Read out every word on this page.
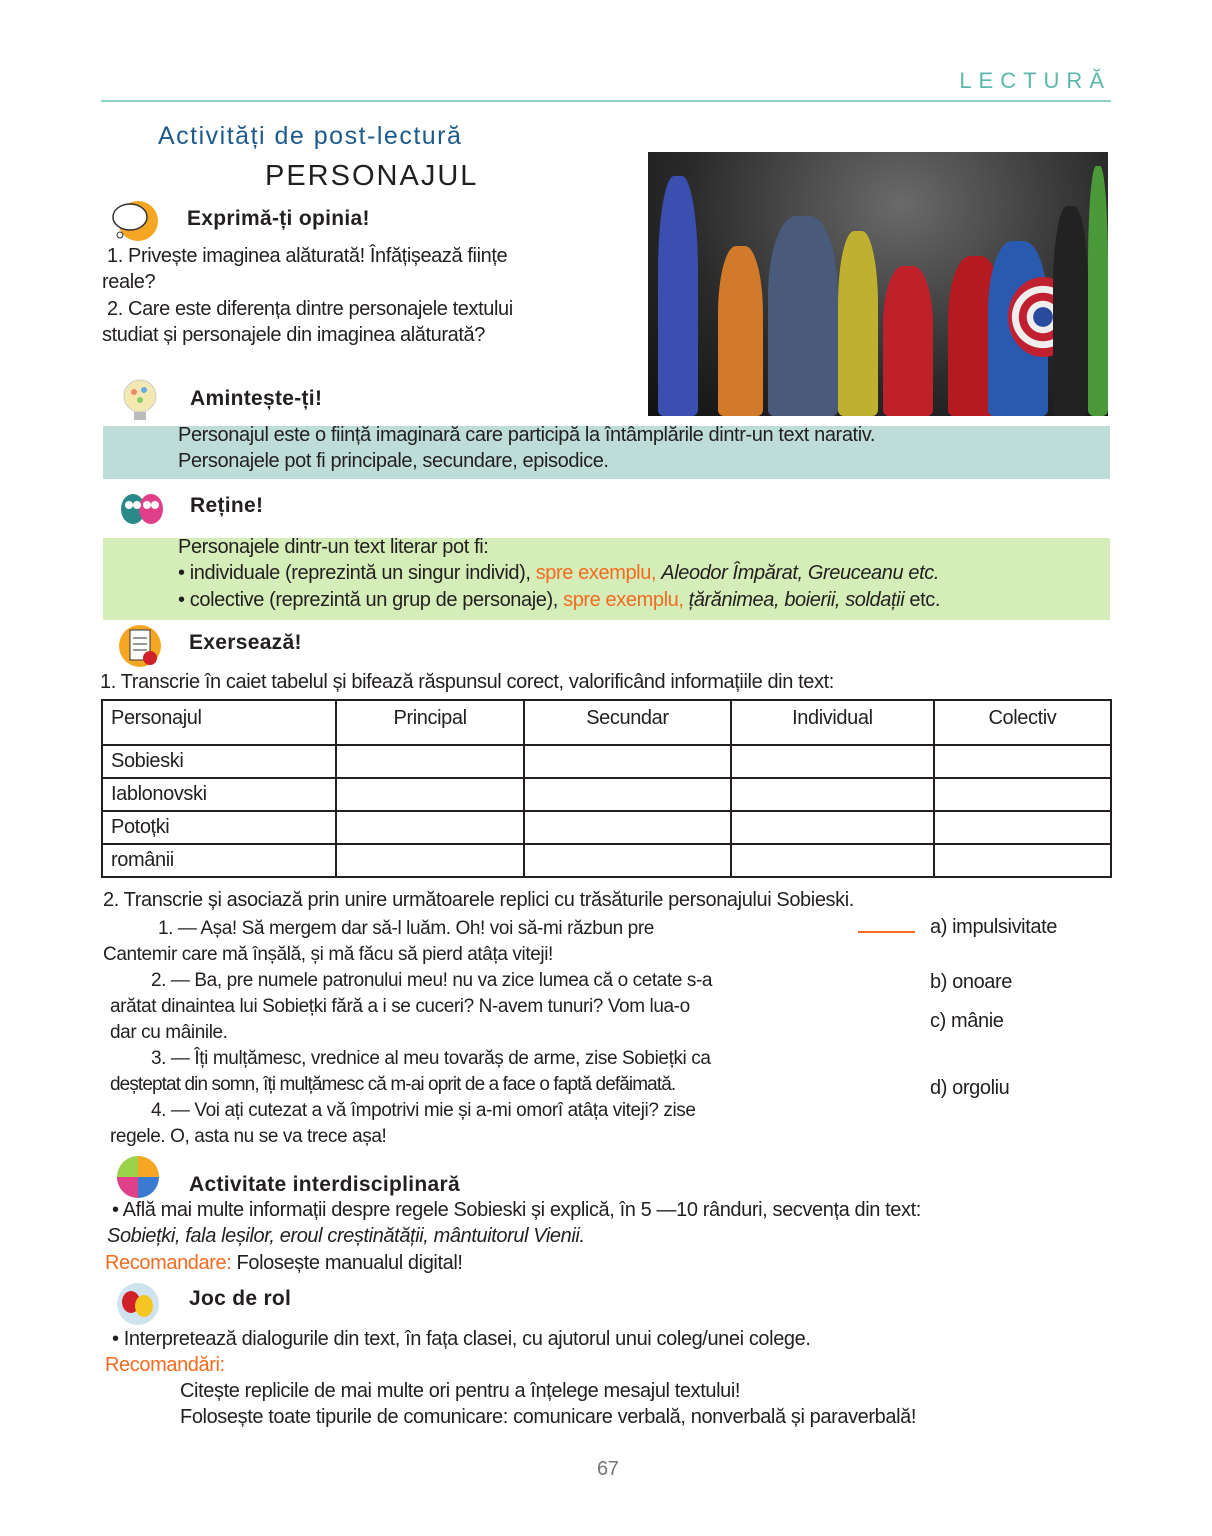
LECTURĂ
Activități de post-lectură
PERSONAJUL
Exprimă-ți opinia!
1. Privește imaginea alăturată! Înfățișează ființe
reale?
2. Care este diferența dintre personajele textului
studiat și personajele din imaginea alăturată?
Amintește-ți!
Personajul este o ființă imaginară care participă la întâmplările dintr-un text narativ.
Personajele pot fi principale, secundare, episodice.
Reține!
Personajele dintr-un text literar pot fi:
• individuale (reprezintă un singur individ), spre exemplu, Aleodor Împărat, Greuceanu etc.
• colective (reprezintă un grup de personaje), spre exemplu, țărănimea, boierii, soldații etc.
Exersează!
1. Transcrie în caiet tabelul și bifează răspunsul corect, valorificând informațiile din text:
Personajul	Principal	Secundar	Individual	Colectiv
Sobieski				
Iablonovski				
Potoțki				
românii				
2. Transcrie și asociază prin unire următoarele replici cu trăsăturile personajului Sobieski.
1. — Așa! Să mergem dar să-l luăm. Oh! voi să-mi răzbun pre
Cantemir care mă înșălă, și mă făcu să pierd atâța viteji!
2. — Ba, pre numele patronului meu! nu va zice lumea că o cetate s-a
arătat dinaintea lui Sobiețki fără a i se cuceri? N-avem tunuri? Vom lua-o
dar cu mâinile.
3. — Îți mulțămesc, vrednice al meu tovarăș de arme, zise Sobiețki ca
deșteptat din somn, îți mulțămesc că m-ai oprit de a face o faptă defăimată.
4. — Voi ați cutezat a vă împotrivi mie și a-mi omorî atâța viteji? zise
regele. O, asta nu se va trece așa!
a) impulsivitate
b) onoare
c) mânie
d) orgoliu
Activitate interdisciplinară
• Află mai multe informații despre regele Sobieski și explică, în 5 —10 rânduri, secvența din text:
Sobiețki, fala leșilor, eroul creștinătății, mântuitorul Vienii.
Recomandare: Folosește manualul digital!
Joc de rol
• Interpretează dialogurile din text, în fața clasei, cu ajutorul unui coleg/unei colege.
Recomandări:
Citește replicile de mai multe ori pentru a înțelege mesajul textului!
Folosește toate tipurile de comunicare: comunicare verbală, nonverbală și paraverbală!
67
